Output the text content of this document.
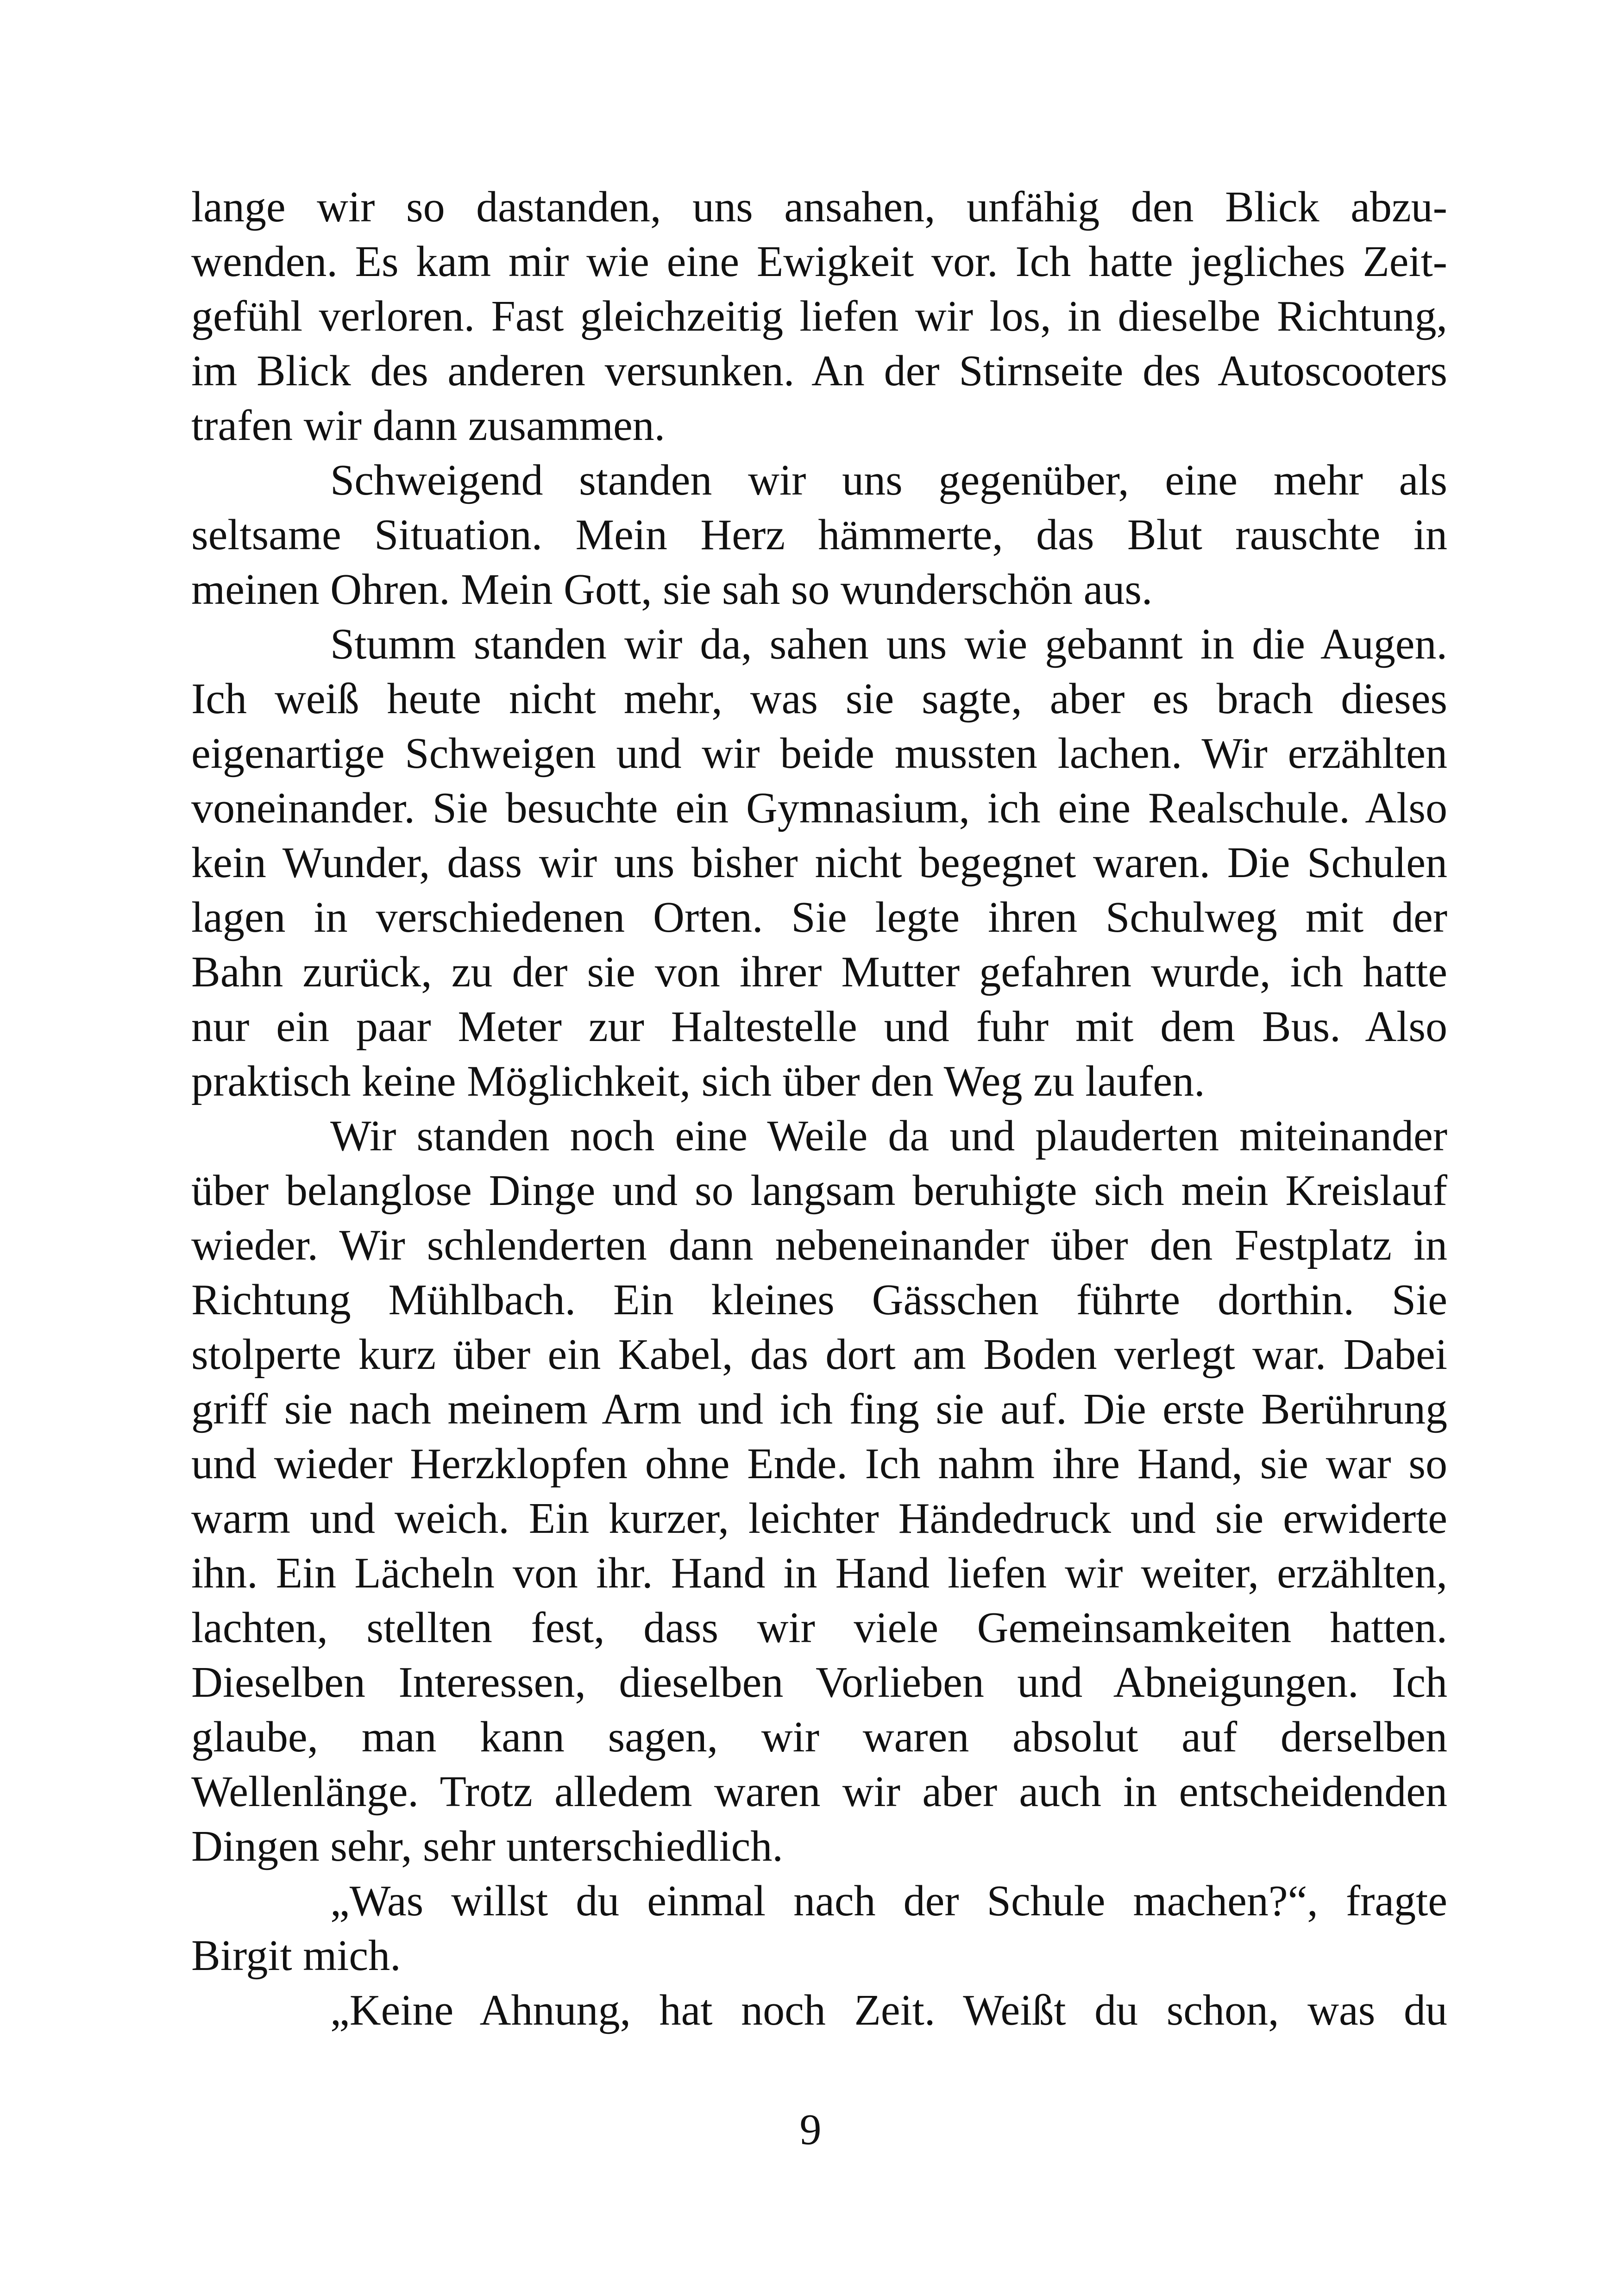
lange wir so dastanden, uns ansahen, unfähig den Blick abzu-
wenden. Es kam mir wie eine Ewigkeit vor. Ich hatte jegliches Zeit-
gefühl verloren. Fast gleichzeitig liefen wir los, in dieselbe Richtung,
im Blick des anderen versunken. An der Stirnseite des Autoscooters
trafen wir dann zusammen.
Schweigend standen wir uns gegenüber, eine mehr als
seltsame Situation. Mein Herz hämmerte, das Blut rauschte in
meinen Ohren. Mein Gott, sie sah so wunderschön aus.
Stumm standen wir da, sahen uns wie gebannt in die Augen.
Ich weiß heute nicht mehr, was sie sagte, aber es brach dieses
eigenartige Schweigen und wir beide mussten lachen. Wir erzählten
voneinander. Sie besuchte ein Gymnasium, ich eine Realschule. Also
kein Wunder, dass wir uns bisher nicht begegnet waren. Die Schulen
lagen in verschiedenen Orten. Sie legte ihren Schulweg mit der
Bahn zurück, zu der sie von ihrer Mutter gefahren wurde, ich hatte
nur ein paar Meter zur Haltestelle und fuhr mit dem Bus. Also
praktisch keine Möglichkeit, sich über den Weg zu laufen.
Wir standen noch eine Weile da und plauderten miteinander
über belanglose Dinge und so langsam beruhigte sich mein Kreislauf
wieder. Wir schlenderten dann nebeneinander über den Festplatz in
Richtung Mühlbach. Ein kleines Gässchen führte dorthin. Sie
stolperte kurz über ein Kabel, das dort am Boden verlegt war. Dabei
griff sie nach meinem Arm und ich fing sie auf. Die erste Berührung
und wieder Herzklopfen ohne Ende. Ich nahm ihre Hand, sie war so
warm und weich. Ein kurzer, leichter Händedruck und sie erwiderte
ihn. Ein Lächeln von ihr. Hand in Hand liefen wir weiter, erzählten,
lachten, stellten fest, dass wir viele Gemeinsamkeiten hatten.
Dieselben Interessen, dieselben Vorlieben und Abneigungen. Ich
glaube, man kann sagen, wir waren absolut auf derselben
Wellenlänge. Trotz alledem waren wir aber auch in entscheidenden
Dingen sehr, sehr unterschiedlich.
„Was willst du einmal nach der Schule machen?“, fragte
Birgit mich.
„Keine Ahnung, hat noch Zeit. Weißt du schon, was du
9
